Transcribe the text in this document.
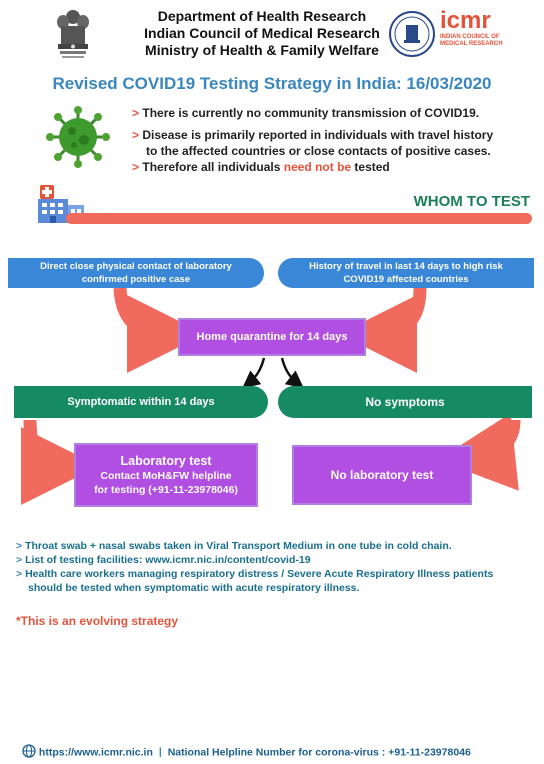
Department of Health Research
Indian Council of Medical Research
Ministry of Health & Family Welfare
icmr
INDIAN COUNCIL OF
MEDICAL RESEARCH
Revised COVID19 Testing Strategy in India: 16/03/2020
> There is currently no community transmission of COVID19.
> Disease is primarily reported in individuals with travel history
to the affected countries or close contacts of positive cases.
> Therefore all individuals need not be tested
WHOM TO TEST
Direct close physical contact of laboratory
confirmed positive case
History of travel in last 14 days to high risk
COVID19 affected countries
Home quarantine for 14 days
Symptomatic within 14 days	No symptoms
Laboratory test
Contact MoH&FW helpline
for testing (+91-11-23978046)
No laboratory test
> Throat swab + nasal swabs taken in Viral Transport Medium in one tube in cold chain.
> List of testing facilities: www.icmr.nic.in/content/covid-19
> Health care workers managing respiratory distress / Severe Acute Respiratory Illness patients
should be tested when symptomatic with acute respiratory illness.
*This is an evolving strategy
https://www.icmr.nic.in | National Helpline Number for corona-virus : +91-11-23978046
